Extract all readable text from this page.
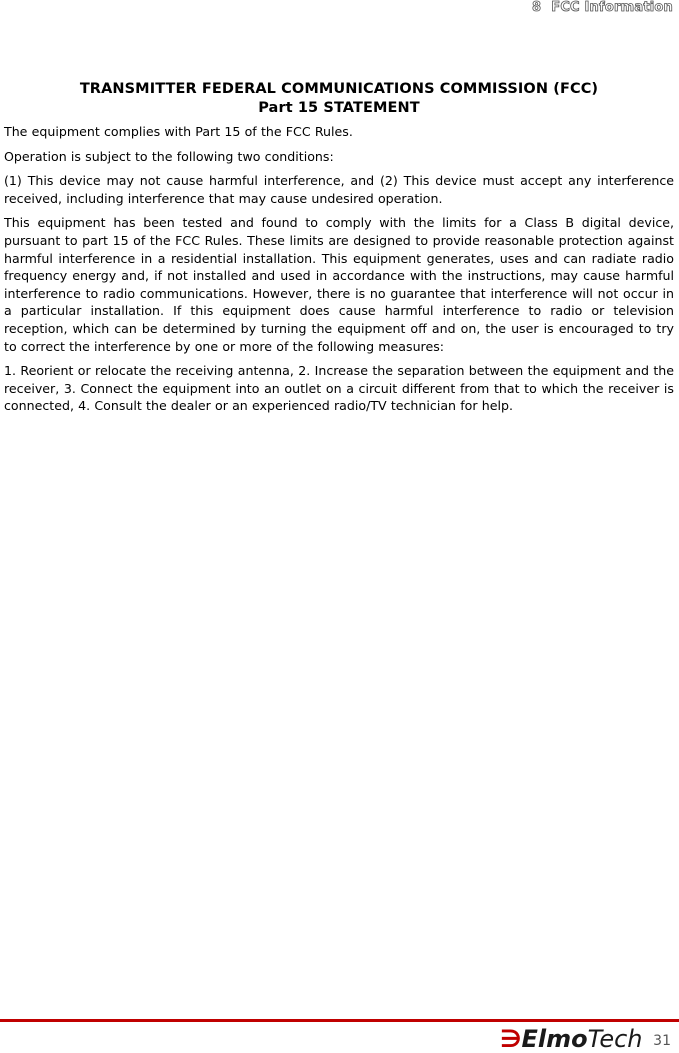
8 FCC Information
TRANSMITTER FEDERAL COMMUNICATIONS COMMISSION (FCC)
Part 15 STATEMENT

The equipment complies with Part 15 of the FCC Rules.

Operation is subject to the following two conditions:

(1) This device may not cause harmful interference, and (2) This device must accept any interference received, including interference that may cause undesired operation.

This equipment has been tested and found to comply with the limits for a Class B digital device, pursuant to part 15 of the FCC Rules. These limits are designed to provide reasonable protection against harmful interference in a residential installation. This equipment generates, uses and can radiate radio frequency energy and, if not installed and used in accordance with the instructions, may cause harmful interference to radio communications. However, there is no guarantee that interference will not occur in a particular installation. If this equipment does cause harmful interference to radio or television reception, which can be determined by turning the equipment off and on, the user is encouraged to try to correct the interference by one or more of the following measures:

1. Reorient or relocate the receiving antenna, 2. Increase the separation between the equipment and the receiver, 3. Connect the equipment into an outlet on a circuit different from that to which the receiver is connected, 4. Consult the dealer or an experienced radio/TV technician for help.

∋ElmoTech 31
